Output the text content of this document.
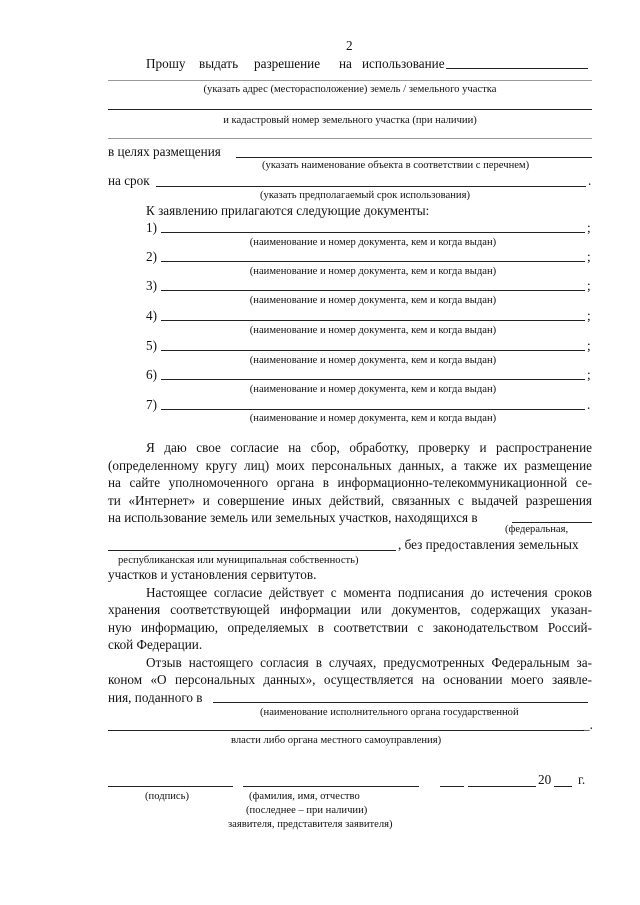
2
Прошу выдать разрешение на использование
(указать адрес (месторасположение) земель / земельного участка
и кадастровый номер земельного участка (при наличии)
в целях размещения
(указать наименование объекта в соответствии с перечнем)
на срок	.
(указать предполагаемый срок использования)
К заявлению прилагаются следующие документы:
1)	;
(наименование и номер документа, кем и когда выдан)
2)	;
(наименование и номер документа, кем и когда выдан)
3)	;
(наименование и номер документа, кем и когда выдан)
4)	;
(наименование и номер документа, кем и когда выдан)
5)	;
(наименование и номер документа, кем и когда выдан)
6)	;
(наименование и номер документа, кем и когда выдан)
7)	.
(наименование и номер документа, кем и когда выдан)
Я даю свое согласие на сбор, обработку, проверку и распространение
(определенному кругу лиц) моих персональных данных, а также их размещение
на сайте уполномоченного органа в информационно-телекоммуникационной се-
ти «Интернет» и совершение иных действий, связанных с выдачей разрешения
на использование земель или земельных участков, находящихся в
(федеральная,
, без предоставления земельных
республиканская или муниципальная собственность)
участков и установления сервитутов.
Настоящее согласие действует с момента подписания до истечения сроков
хранения соответствующей информации или документов, содержащих указан-
ную информацию, определяемых в соответствии с законодательством Россий-
ской Федерации.
Отзыв настоящего согласия в случаях, предусмотренных Федеральным за-
коном «О персональных данных», осуществляется на основании моего заявле-
ния, поданного в
(наименование исполнительного органа государственной
_.
власти либо органа местного самоуправления)
20 г.
(подпись)	(фамилия, имя, отчество
(последнее – при наличии)
заявителя, представителя заявителя)
